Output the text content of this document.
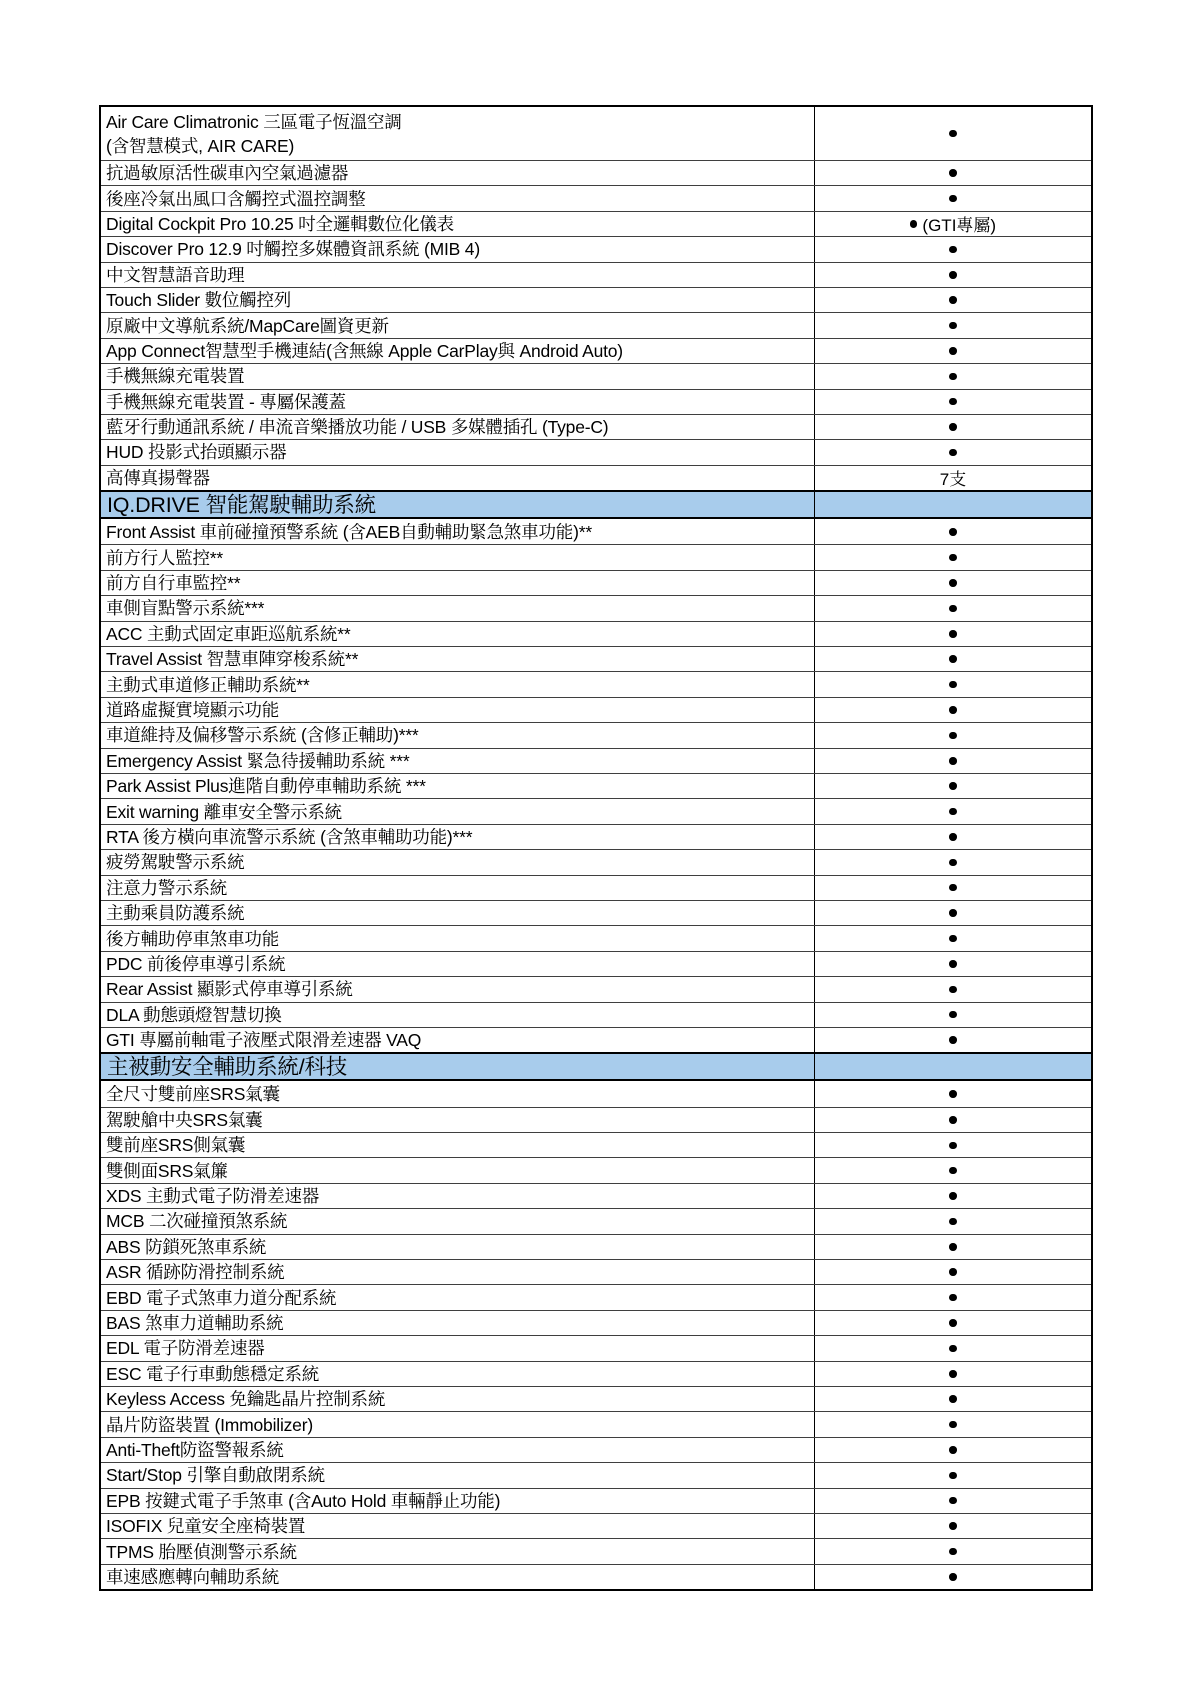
Air Care Climatronic 三區電子恆溫空調
(含智慧模式, AIR CARE)
抗過敏原活性碳車內空氣過濾器
後座冷氣出風口含觸控式溫控調整
Digital Cockpit Pro 10.25 吋全邏輯數位化儀表	(GTI專屬)
Discover Pro 12.9 吋觸控多媒體資訊系統 (MIB 4)
中文智慧語音助理
Touch Slider 數位觸控列
原廠中文導航系統/MapCare圖資更新
App Connect智慧型手機連結(含無線 Apple CarPlay與 Android Auto)
手機無線充電裝置
手機無線充電裝置 - 專屬保護蓋
藍牙行動通訊系統 / 串流音樂播放功能 / USB 多媒體插孔 (Type-C)
HUD 投影式抬頭顯示器
高傳真揚聲器	7支
IQ.DRIVE 智能駕駛輔助系統
Front Assist 車前碰撞預警系統 (含AEB自動輔助緊急煞車功能)**
前方行人監控**
前方自行車監控**
車側盲點警示系統***
ACC 主動式固定車距巡航系統**
Travel Assist 智慧車陣穿梭系統**
主動式車道修正輔助系統**
道路虛擬實境顯示功能
車道維持及偏移警示系統 (含修正輔助)***
Emergency Assist 緊急待援輔助系統 ***
Park Assist Plus進階自動停車輔助系統 ***
Exit warning 離車安全警示系統
RTA 後方橫向車流警示系統 (含煞車輔助功能)***
疲勞駕駛警示系統
注意力警示系統
主動乘員防護系統
後方輔助停車煞車功能
PDC 前後停車導引系統
Rear Assist 顯影式停車導引系統
DLA 動態頭燈智慧切換
GTI 專屬前軸電子液壓式限滑差速器 VAQ
主被動安全輔助系統/科技
全尺寸雙前座SRS氣囊
駕駛艙中央SRS氣囊
雙前座SRS側氣囊
雙側面SRS氣簾
XDS 主動式電子防滑差速器
MCB 二次碰撞預煞系統
ABS 防鎖死煞車系統
ASR 循跡防滑控制系統
EBD 電子式煞車力道分配系統
BAS 煞車力道輔助系統
EDL 電子防滑差速器
ESC 電子行車動態穩定系統
Keyless Access 免鑰匙晶片控制系統
晶片防盜裝置 (Immobilizer)
Anti-Theft防盜警報系統
Start/Stop 引擎自動啟閉系統
EPB 按鍵式電子手煞車 (含Auto Hold 車輛靜止功能)
ISOFIX 兒童安全座椅裝置
TPMS 胎壓偵測警示系統
車速感應轉向輔助系統
